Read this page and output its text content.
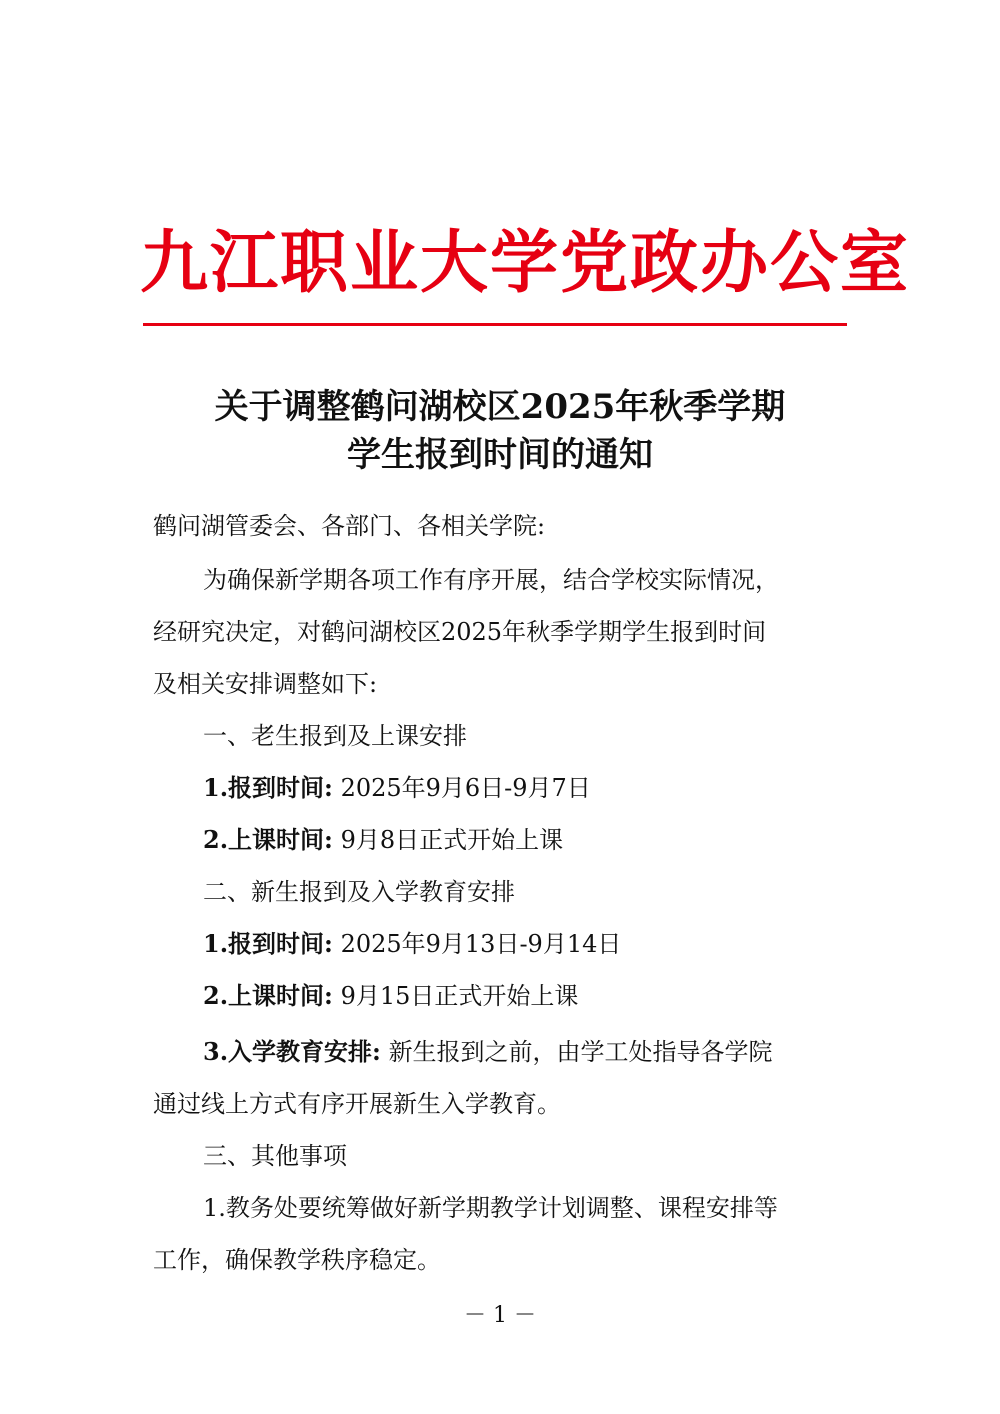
九江职业大学党政办公室
关于调整鹤问湖校区2025年秋季学期
学生报到时间的通知
鹤问湖管委会、各部门、各相关学院:
为确保新学期各项工作有序开展，结合学校实际情况，
经研究决定，对鹤问湖校区2025年秋季学期学生报到时间
及相关安排调整如下:
一、老生报到及上课安排
1.报到时间: 2025年9月6日-9月7日
2.上课时间: 9月8日正式开始上课
二、新生报到及入学教育安排
1.报到时间: 2025年9月13日-9月14日
2.上课时间: 9月15日正式开始上课
3.入学教育安排: 新生报到之前，由学工处指导各学院
通过线上方式有序开展新生入学教育。
三、其他事项
1.教务处要统筹做好新学期教学计划调整、课程安排等
工作，确保教学秩序稳定。
－ 1 －
